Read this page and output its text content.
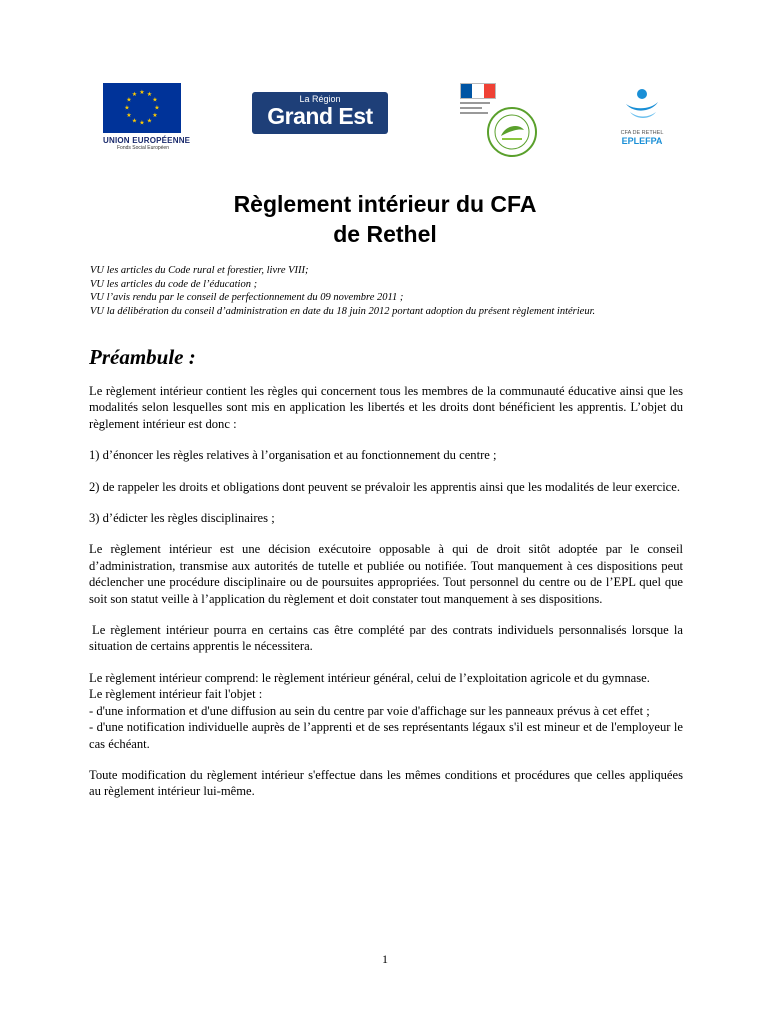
★ ★
★
★
★
★
★
★
★
★
★
★
UNION EUROPÉENNE
Fonds Social Européen
La Région
Grand Est
CFA DE RETHEL
EPLEFPA
Règlement intérieur du CFA
de Rethel

VU les articles du Code rural et forestier, livre VIII;

VU les articles du code de l’éducation ;

VU l’avis rendu par le conseil de perfectionnement du 09 novembre 2011 ;

VU la délibération du conseil d’administration en date du 18 juin 2012 portant adoption du présent règlement intérieur.

Préambule :

Le règlement intérieur contient les règles qui concernent tous les membres de la communauté éducative ainsi que les modalités selon lesquelles sont mis en application les libertés et les droits dont bénéficient les apprentis. L’objet du règlement intérieur est donc :

1) d’énoncer les règles relatives à l’organisation et au fonctionnement du centre ;

2) de rappeler les droits et obligations dont peuvent se prévaloir les apprentis ainsi que les modalités de leur exercice.

3) d’édicter les règles disciplinaires ;

Le règlement intérieur est une décision exécutoire opposable à qui de droit sitôt adoptée par le conseil d’administration, transmise aux autorités de tutelle et publiée ou notifiée. Tout manquement à ces dispositions peut déclencher une procédure disciplinaire ou de poursuites appropriées. Tout personnel du centre ou de l’EPL quel que soit son statut veille à l’application du règlement et doit constater tout manquement à ses dispositions.

Le règlement intérieur pourra en certains cas être complété par des contrats individuels personnalisés lorsque la situation de certains apprentis le nécessitera.

Le règlement intérieur comprend: le règlement intérieur général, celui de l’exploitation agricole et du gymnase.

Le règlement intérieur fait l'objet :

- d'une information et d'une diffusion au sein du centre par voie d'affichage sur les panneaux prévus à cet effet ;

- d'une notification individuelle auprès de l’apprenti et de ses représentants légaux s'il est mineur et de l'employeur le cas échéant.

Toute modification du règlement intérieur s'effectue dans les mêmes conditions et procédures que celles appliquées au règlement intérieur lui-même.

1
